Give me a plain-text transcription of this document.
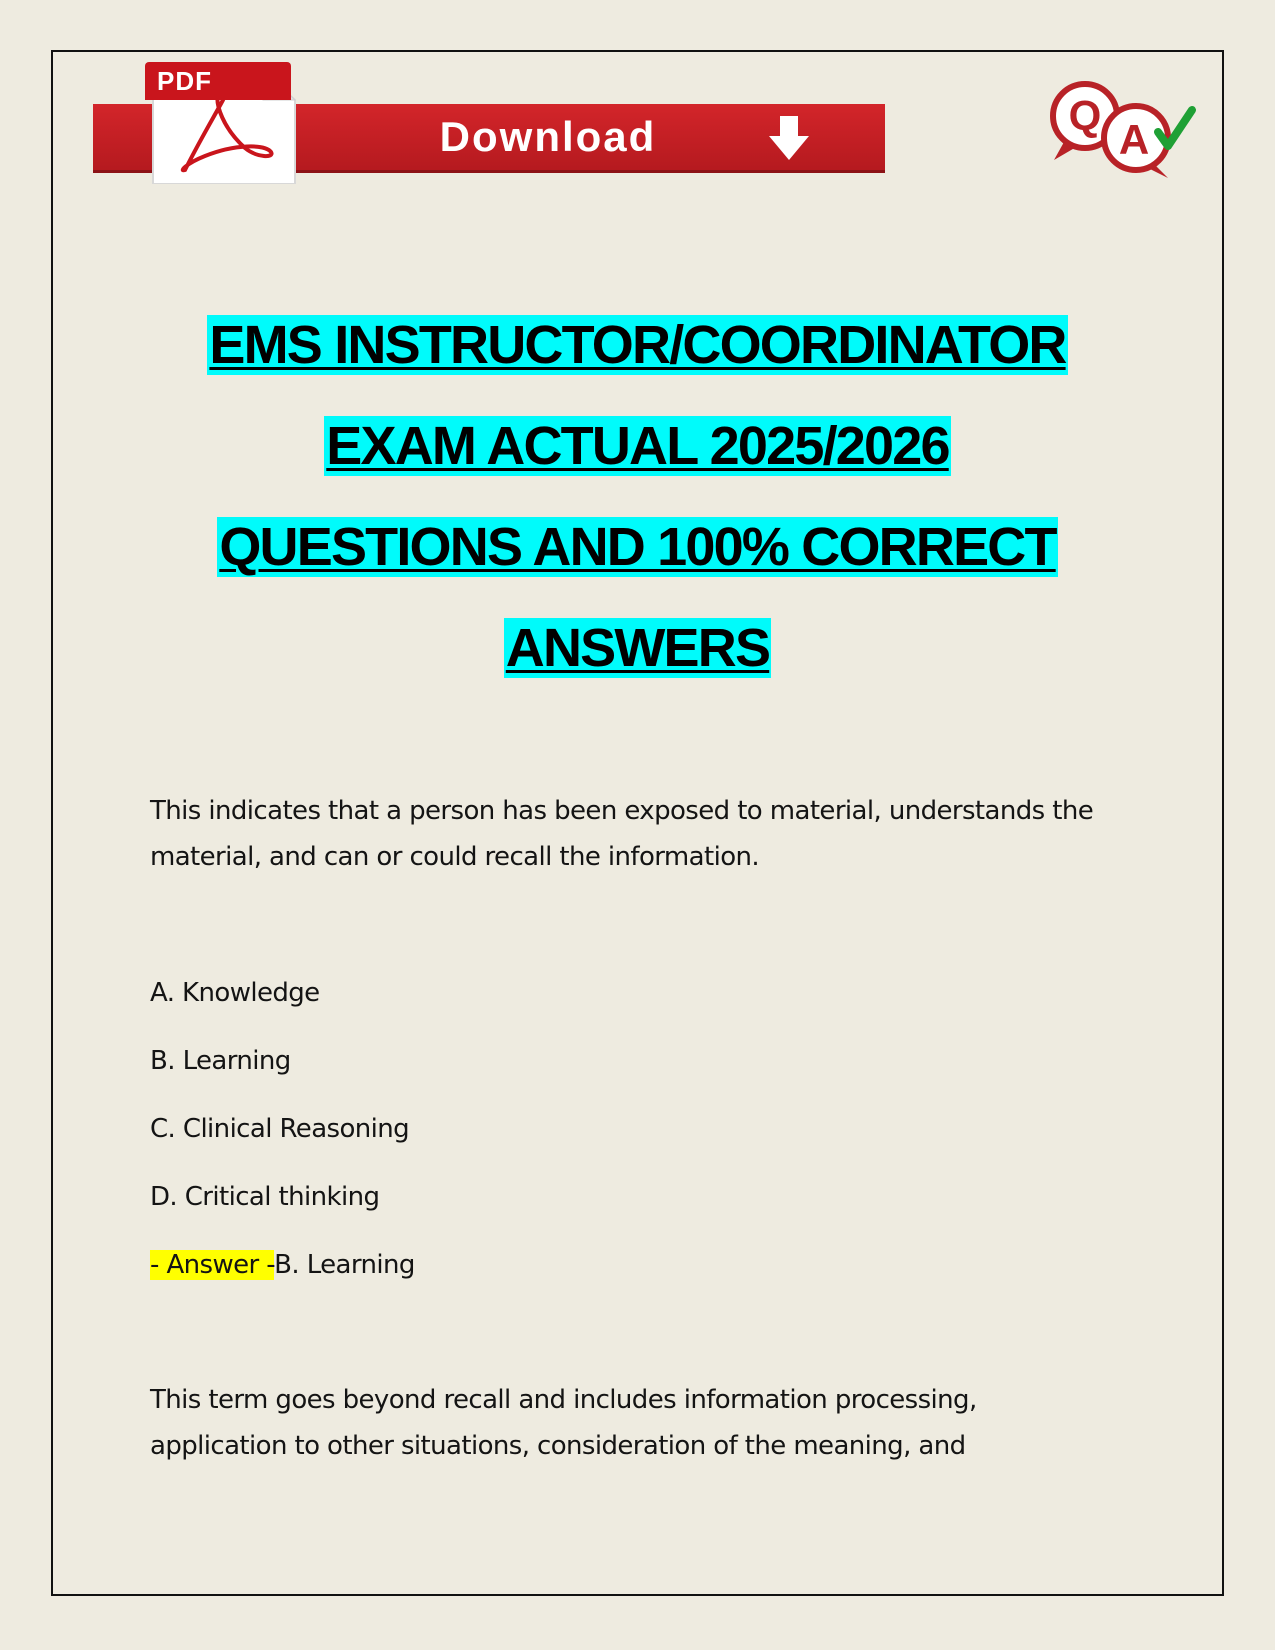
Download
PDF
Q
A
EMS INSTRUCTOR/COORDINATOR
EXAM ACTUAL 2025/2026
QUESTIONS AND 100% CORRECT
ANSWERS
This indicates that a person has been exposed to material, understands the material, and can or could recall the information.
A. Knowledge
B. Learning
C. Clinical Reasoning
D. Critical thinking
- Answer -B. Learning
This term goes beyond recall and includes information processing, application to other situations, consideration of the meaning, and
